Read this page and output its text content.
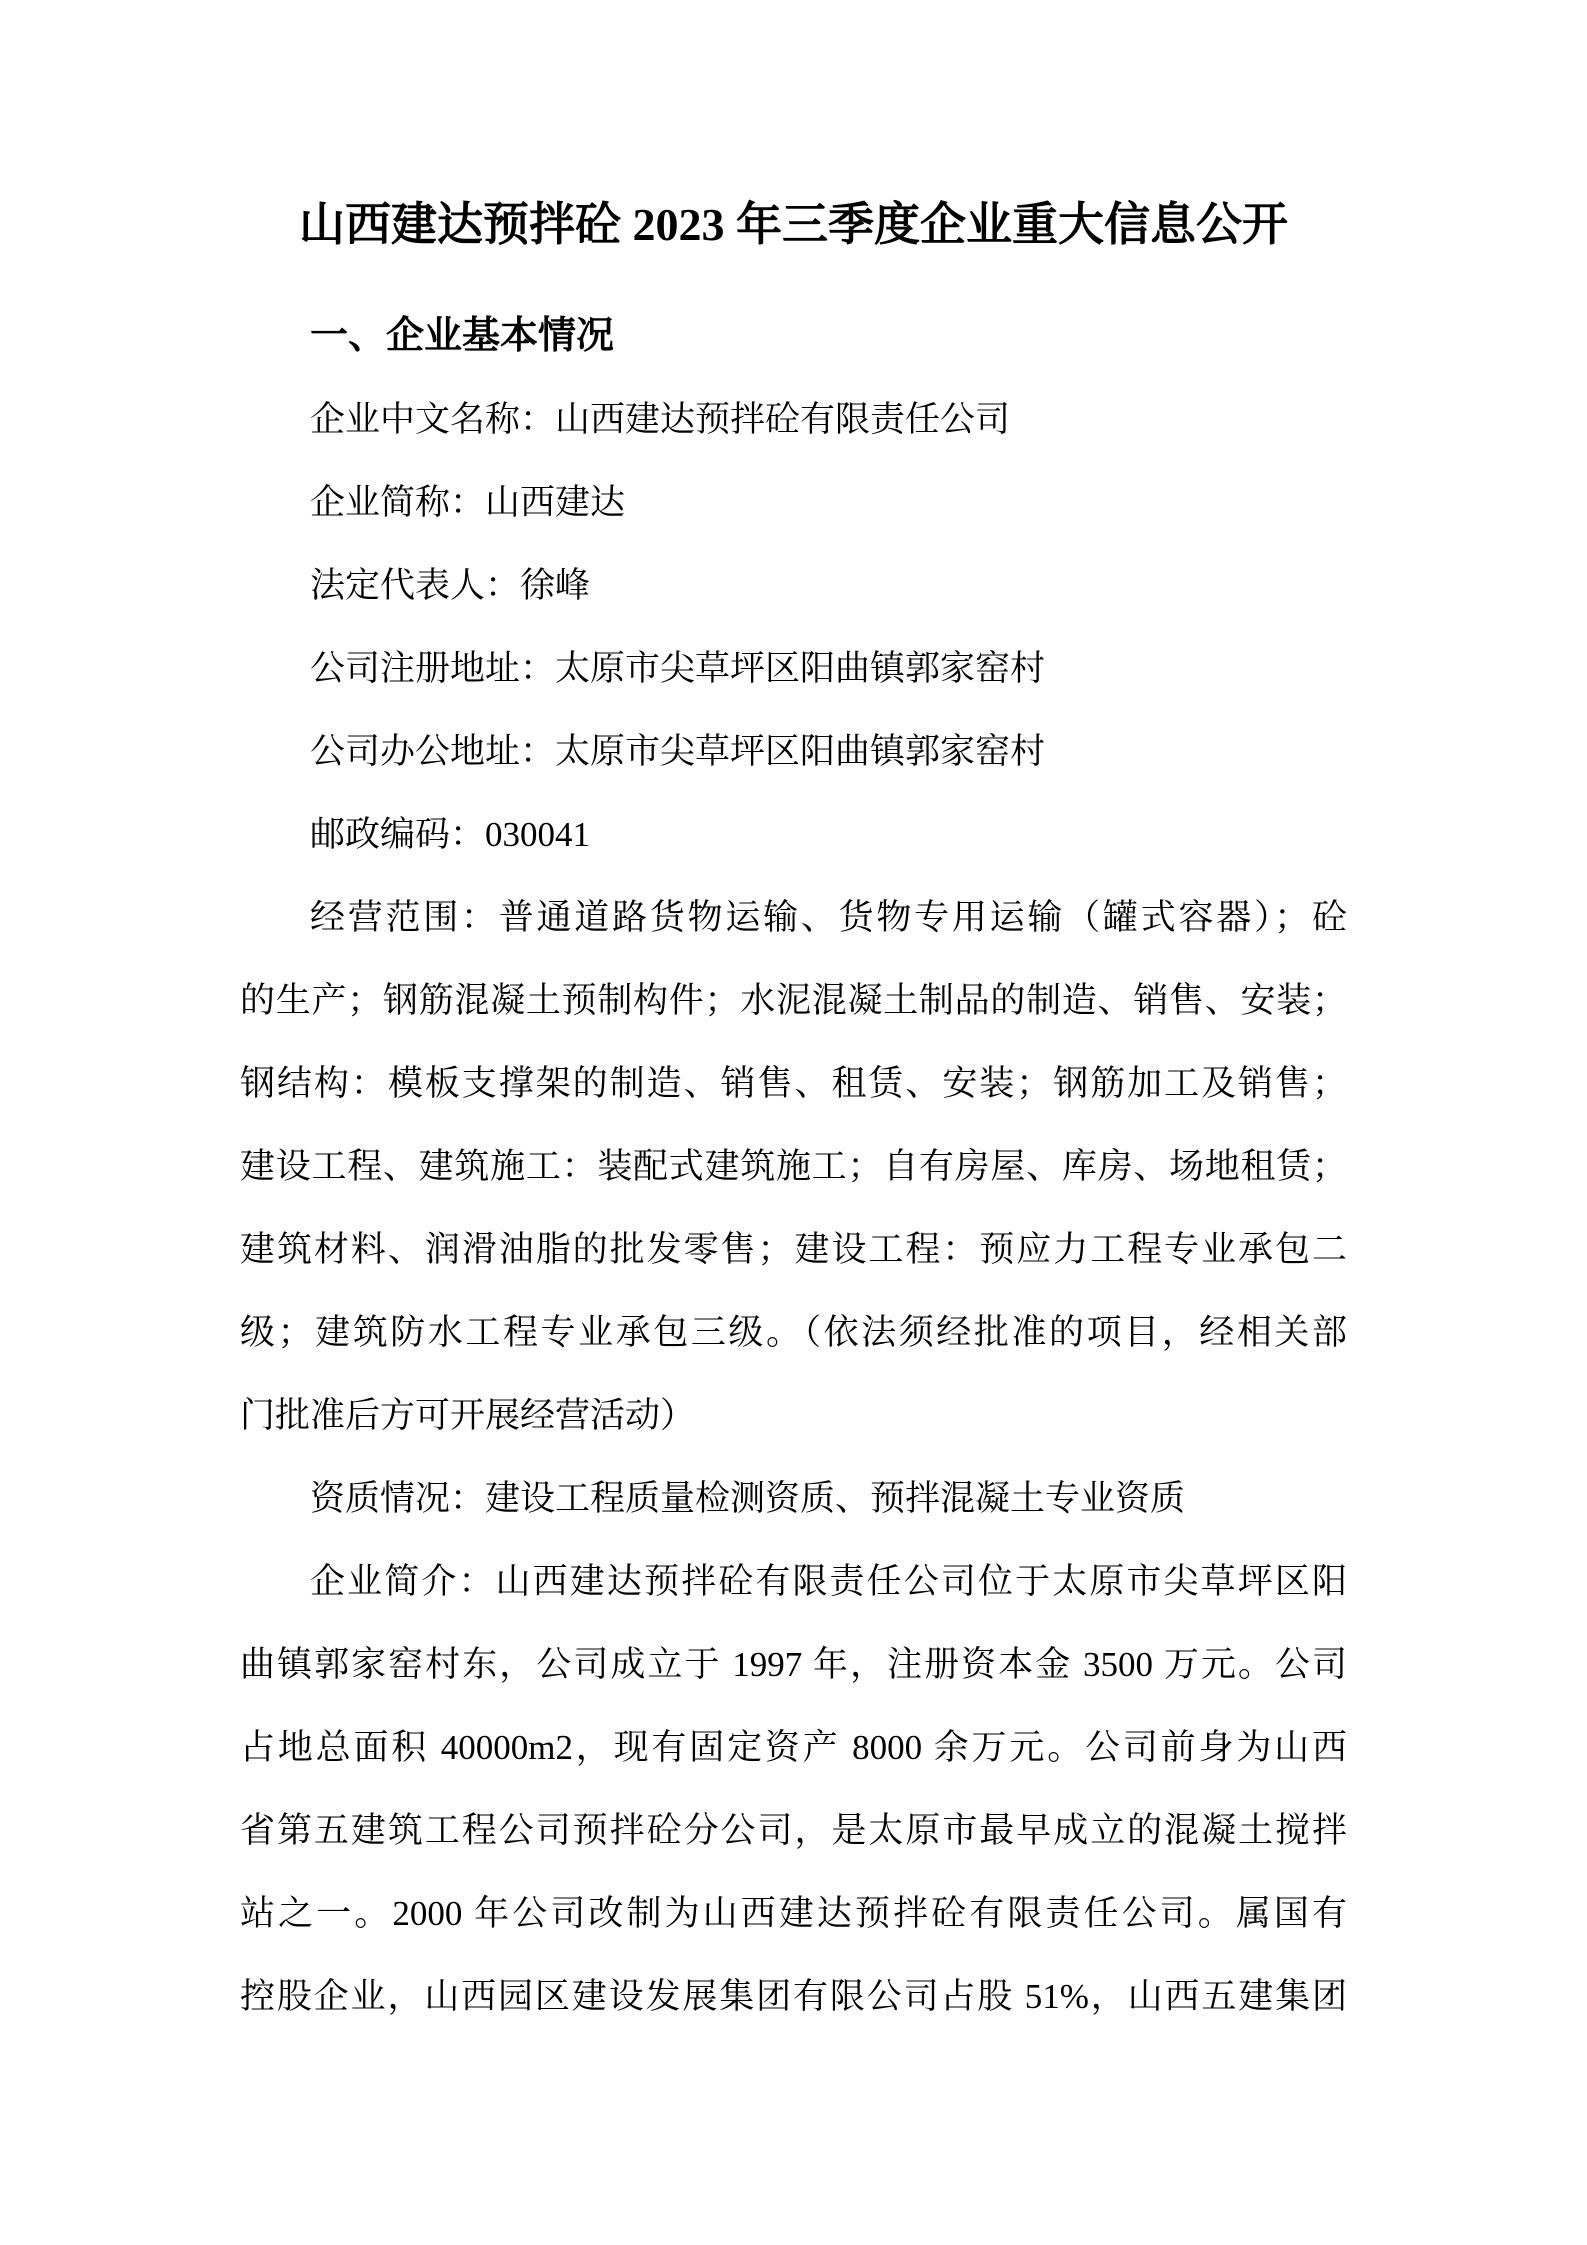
山西建达预拌砼 2023 年三季度企业重大信息公开
一、企业基本情况
企业中文名称：山西建达预拌砼有限责任公司
企业简称：山西建达
法定代表人：徐峰
公司注册地址：太原市尖草坪区阳曲镇郭家窑村
公司办公地址：太原市尖草坪区阳曲镇郭家窑村
邮政编码：030041
经营范围：普通道路货物运输、货物专用运输（罐式容器）；砼
的生产；钢筋混凝土预制构件；水泥混凝土制品的制造、销售、安装；
钢结构：模板支撑架的制造、销售、租赁、安装；钢筋加工及销售；
建设工程、建筑施工：装配式建筑施工；自有房屋、库房、场地租赁；
建筑材料、润滑油脂的批发零售；建设工程：预应力工程专业承包二
级；建筑防水工程专业承包三级。（依法须经批准的项目，经相关部
门批准后方可开展经营活动）
资质情况：建设工程质量检测资质、预拌混凝土专业资质
企业简介：山西建达预拌砼有限责任公司位于太原市尖草坪区阳
曲镇郭家窑村东，公司成立于 1997 年，注册资本金 3500 万元。公司
占地总面积 40000m2，现有固定资产 8000 余万元。公司前身为山西
省第五建筑工程公司预拌砼分公司，是太原市最早成立的混凝土搅拌
站之一。2000 年公司改制为山西建达预拌砼有限责任公司。属国有
控股企业，山西园区建设发展集团有限公司占股 51%，山西五建集团
